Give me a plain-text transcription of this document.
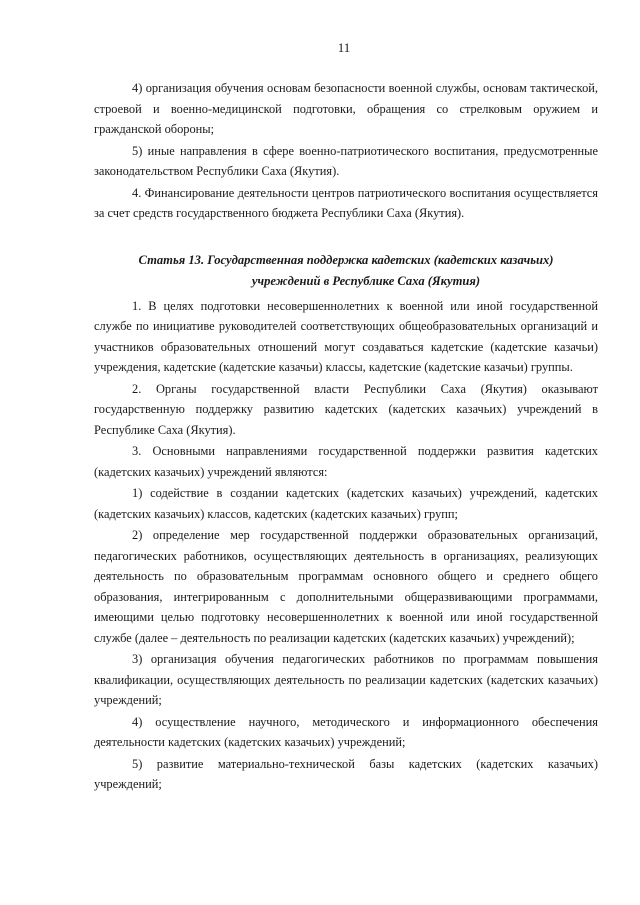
11

4) организация обучения основам безопасности военной службы, основам тактической, строевой и военно-медицинской подготовки, обращения со стрелковым оружием и гражданской обороны;

5) иные направления в сфере военно-патриотического воспитания, предусмотренные законодательством Республики Саха (Якутия).

4. Финансирование деятельности центров патриотического воспитания осуществляется за счет средств государственного бюджета Республики Саха (Якутия).

Статья 13. Государственная поддержка кадетских (кадетских казачьих)
учреждений в Республике Саха (Якутия)

1. В целях подготовки несовершеннолетних к военной или иной государственной службе по инициативе руководителей соответствующих общеобразовательных организаций и участников образовательных отношений могут создаваться кадетские (кадетские казачьи) учреждения, кадетские (кадетские казачьи) классы, кадетские (кадетские казачьи) группы.

2. Органы государственной власти Республики Саха (Якутия) оказывают государственную поддержку развитию кадетских (кадетских казачьих) учреждений в Республике Саха (Якутия).

3. Основными направлениями государственной поддержки развития кадетских (кадетских казачьих) учреждений являются:

1) содействие в создании кадетских (кадетских казачьих) учреждений, кадетских (кадетских казачьих) классов, кадетских (кадетских казачьих) групп;

2) определение мер государственной поддержки образовательных организаций, педагогических работников, осуществляющих деятельность в организациях, реализующих деятельность по образовательным программам основного общего и среднего общего образования, интегрированным с дополнительными общеразвивающими программами, имеющими целью подготовку несовершеннолетних к военной или иной государственной службе (далее – деятельность по реализации кадетских (кадетских казачьих) учреждений);

3) организация обучения педагогических работников по программам повышения квалификации, осуществляющих деятельность по реализации кадетских (кадетских казачьих) учреждений;

4) осуществление научного, методического и информационного обеспечения деятельности кадетских (кадетских казачьих) учреждений;

5) развитие материально-технической базы кадетских (кадетских казачьих) учреждений;
